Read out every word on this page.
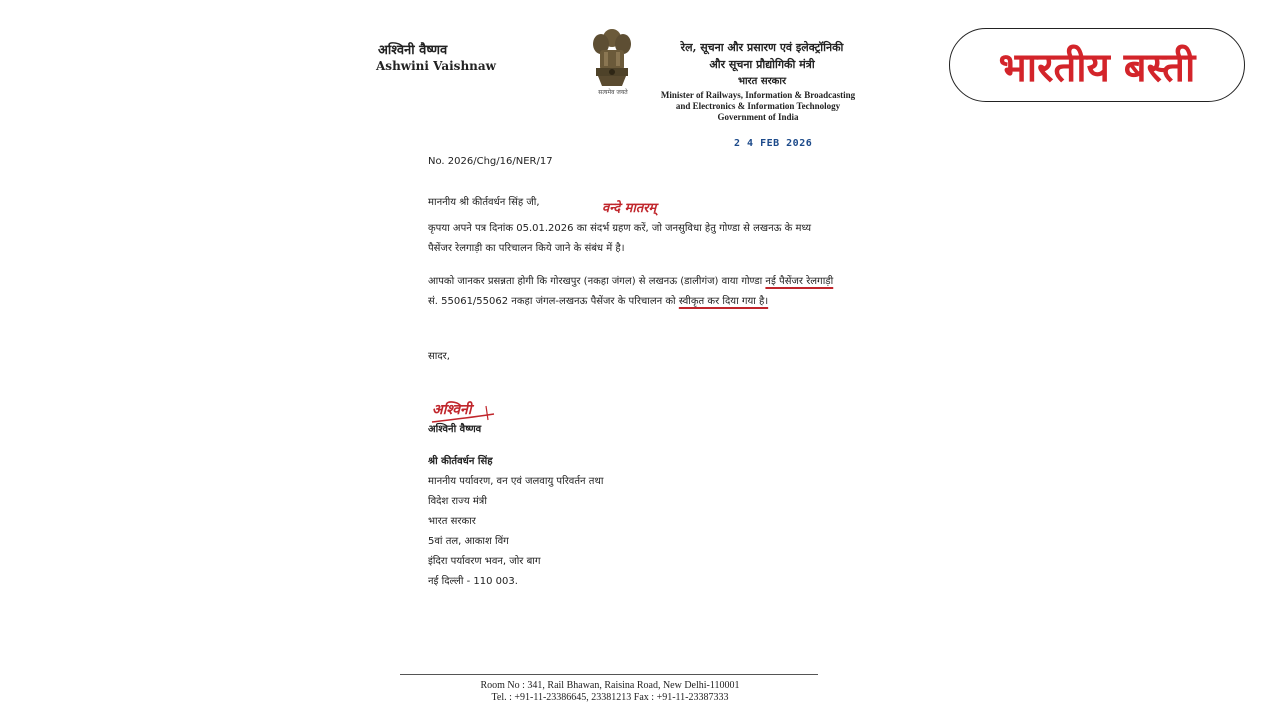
अश्विनी वैष्णव
Ashwini Vaishnaw
सत्यमेव जयते
रेल, सूचना और प्रसारण एवं इलेक्ट्रॉनिकी
और सूचना प्रौद्योगिकी मंत्री
भारत सरकार
Minister of Railways, Information & Broadcasting
and Electronics & Information Technology
Government of India
2 4 FEB 2026
No. 2026/Chg/16/NER/17
माननीय श्री कीर्तवर्धन सिंह जी,	वन्दे मातरम्

कृपया अपने पत्र दिनांक 05.01.2026 का संदर्भ ग्रहण करें, जो जनसुविधा हेतु गोण्डा से लखनऊ के मध्य पैसेंजर रेलगाड़ी का परिचालन किये जाने के संबंध में है।

आपको जानकर प्रसन्नता होगी कि गोरखपुर (नकहा जंगल) से लखनऊ (डालीगंज) वाया गोण्डा नई पैसेंजर रेलगाड़ी सं. 55061/55062 नकहा जंगल-लखनऊ पैसेंजर के परिचालन को स्वीकृत कर दिया गया है।

सादर,
अश्विनी
अश्विनी वैष्णव
श्री कीर्तवर्धन सिंह
माननीय पर्यावरण, वन एवं जलवायु परिवर्तन तथा
विदेश राज्य मंत्री
भारत सरकार
5वां तल, आकाश विंग
इंदिरा पर्यावरण भवन, जोर बाग
नई दिल्ली - 110 003.
Room No : 341, Rail Bhawan, Raisina Road, New Delhi-110001
Tel. : +91-11-23386645, 23381213 Fax : +91-11-23387333
भारतीय बस्ती
